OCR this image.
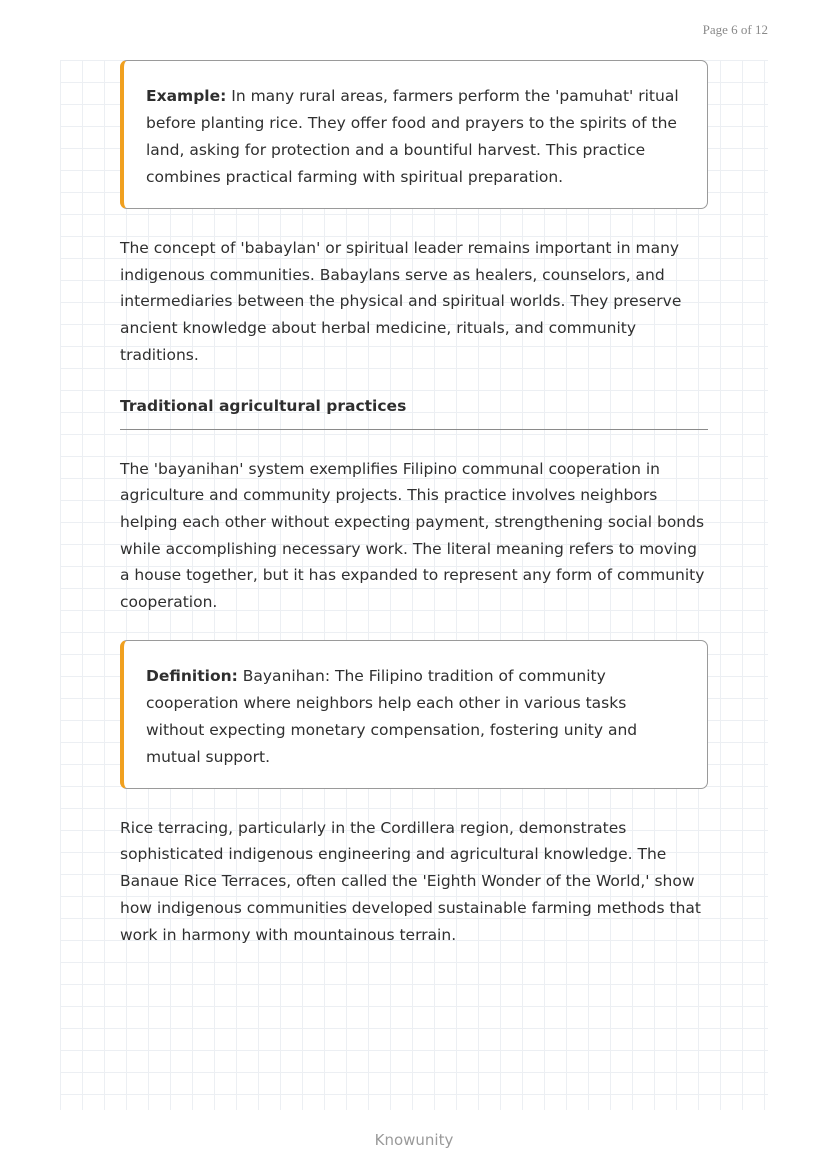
Page 6 of 12

Example: In many rural areas, farmers perform the 'pamuhat' ritual before planting rice. They offer food and prayers to the spirits of the land, asking for protection and a bountiful harvest. This practice combines practical farming with spiritual preparation.

The concept of 'babaylan' or spiritual leader remains important in many indigenous communities. Babaylans serve as healers, counselors, and intermediaries between the physical and spiritual worlds. They preserve ancient knowledge about herbal medicine, rituals, and community traditions.

Traditional agricultural practices

The 'bayanihan' system exemplifies Filipino communal cooperation in agriculture and community projects. This practice involves neighbors helping each other without expecting payment, strengthening social bonds while accomplishing necessary work. The literal meaning refers to moving a house together, but it has expanded to represent any form of community cooperation.

Definition: Bayanihan: The Filipino tradition of community cooperation where neighbors help each other in various tasks without expecting monetary compensation, fostering unity and mutual support.

Rice terracing, particularly in the Cordillera region, demonstrates sophisticated indigenous engineering and agricultural knowledge. The Banaue Rice Terraces, often called the 'Eighth Wonder of the World,' show how indigenous communities developed sustainable farming methods that work in harmony with mountainous terrain.

Knowunity
